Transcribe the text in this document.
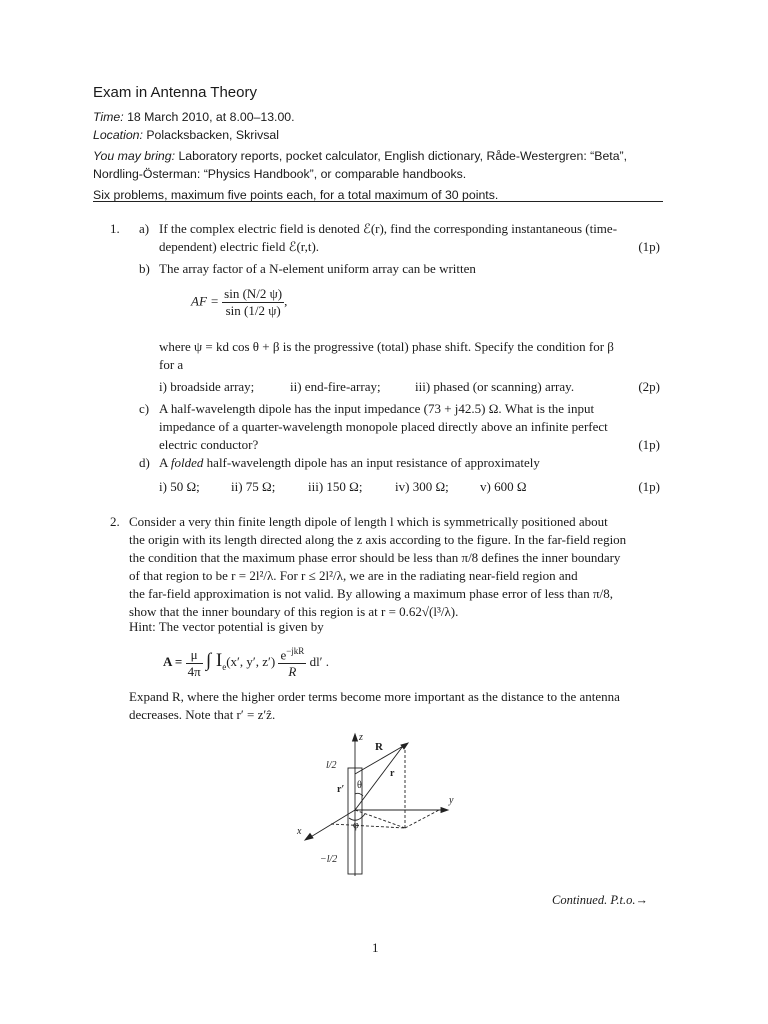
Exam in Antenna Theory
Time: 18 March 2010, at 8.00–13.00.
Location: Polacksbacken, Skrivsal
You may bring: Laboratory reports, pocket calculator, English dictionary, Råde-Westergren: “Beta”,
Nordling-Österman: “Physics Handbook”, or comparable handbooks.
Six problems, maximum five points each, for a total maximum of 30 points.
1. a) If the complex electric field is denoted ℰ(r), find the corresponding instantaneous (time-
dependent) electric field ℰ(r,t).	(1p)
b) The array factor of a N-element uniform array can be written
AF = $\frac{\sin (N/2 \psi)}{\sin (1/2 \psi)}$ ,
where ψ = kd cos θ + β is the progressive (total) phase shift. Specify the condition for β
for a
i) broadside array;	ii) end-fire-array;	iii) phased (or scanning) array.	(2p)
c) A half-wavelength dipole has the input impedance (73 + j42.5) Ω. What is the input
impedance of a quarter-wavelength monopole placed directly above an infinite perfect
electric conductor?	(1p)
d) A folded half-wavelength dipole has an input resistance of approximately
i) 50 Ω; ii) 75 Ω;	iii) 150 Ω;	iv) 300 Ω; v) 600 Ω	(1p)
2. Consider a very thin finite length dipole of length l which is symmetrically positioned about
the origin with its length directed along the z axis according to the figure. In the far-field region
the condition that the maximum phase error should be less than π/8 defines the inner boundary
of that region to be r = 2l²/λ. For r ≤ 2l²/λ, we are in the radiating near-field region and
the far-field approximation is not valid. By allowing a maximum phase error of less than π/8,
show that the inner boundary of this region is at r = 0.62√(l³/λ).
Hint: The vector potential is given by
$A = \frac{\mu}{4\pi}$ ∫ $I_e(x'$, y′, $z') \frac{e^{-jkR}}{R} dl'$ .
Expand R, where the higher order terms become more important as the distance to the antenna
decreases. Note that r′ = z′ẑ.
z
y
x
R
r
r′ θ
φ
l/2
−l/2
Continued. P.t.o.→
1
